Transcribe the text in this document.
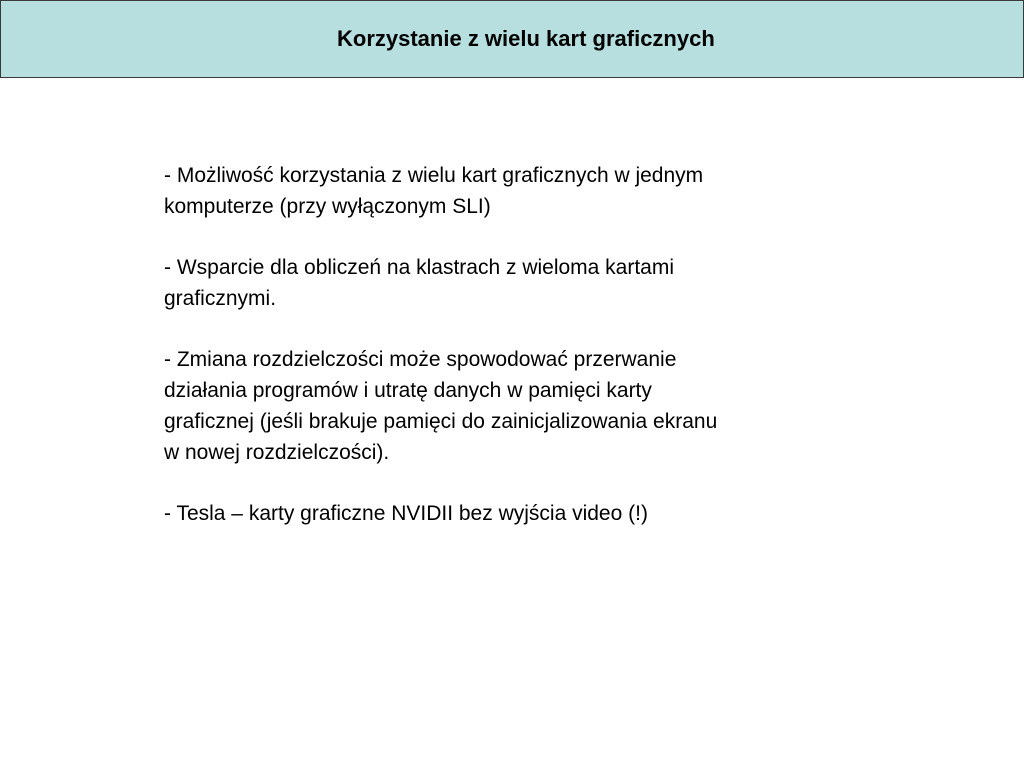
Korzystanie z wielu kart graficznych

- Możliwość korzystania z wielu kart graficznych w jednym
komputerze (przy wyłączonym SLI)

- Wsparcie dla obliczeń na klastrach z wieloma kartami
graficznymi.

- Zmiana rozdzielczości może spowodować przerwanie
działania programów i utratę danych w pamięci karty
graficznej (jeśli brakuje pamięci do zainicjalizowania ekranu
w nowej rozdzielczości).

- Tesla – karty graficzne NVIDII bez wyjścia video (!)
